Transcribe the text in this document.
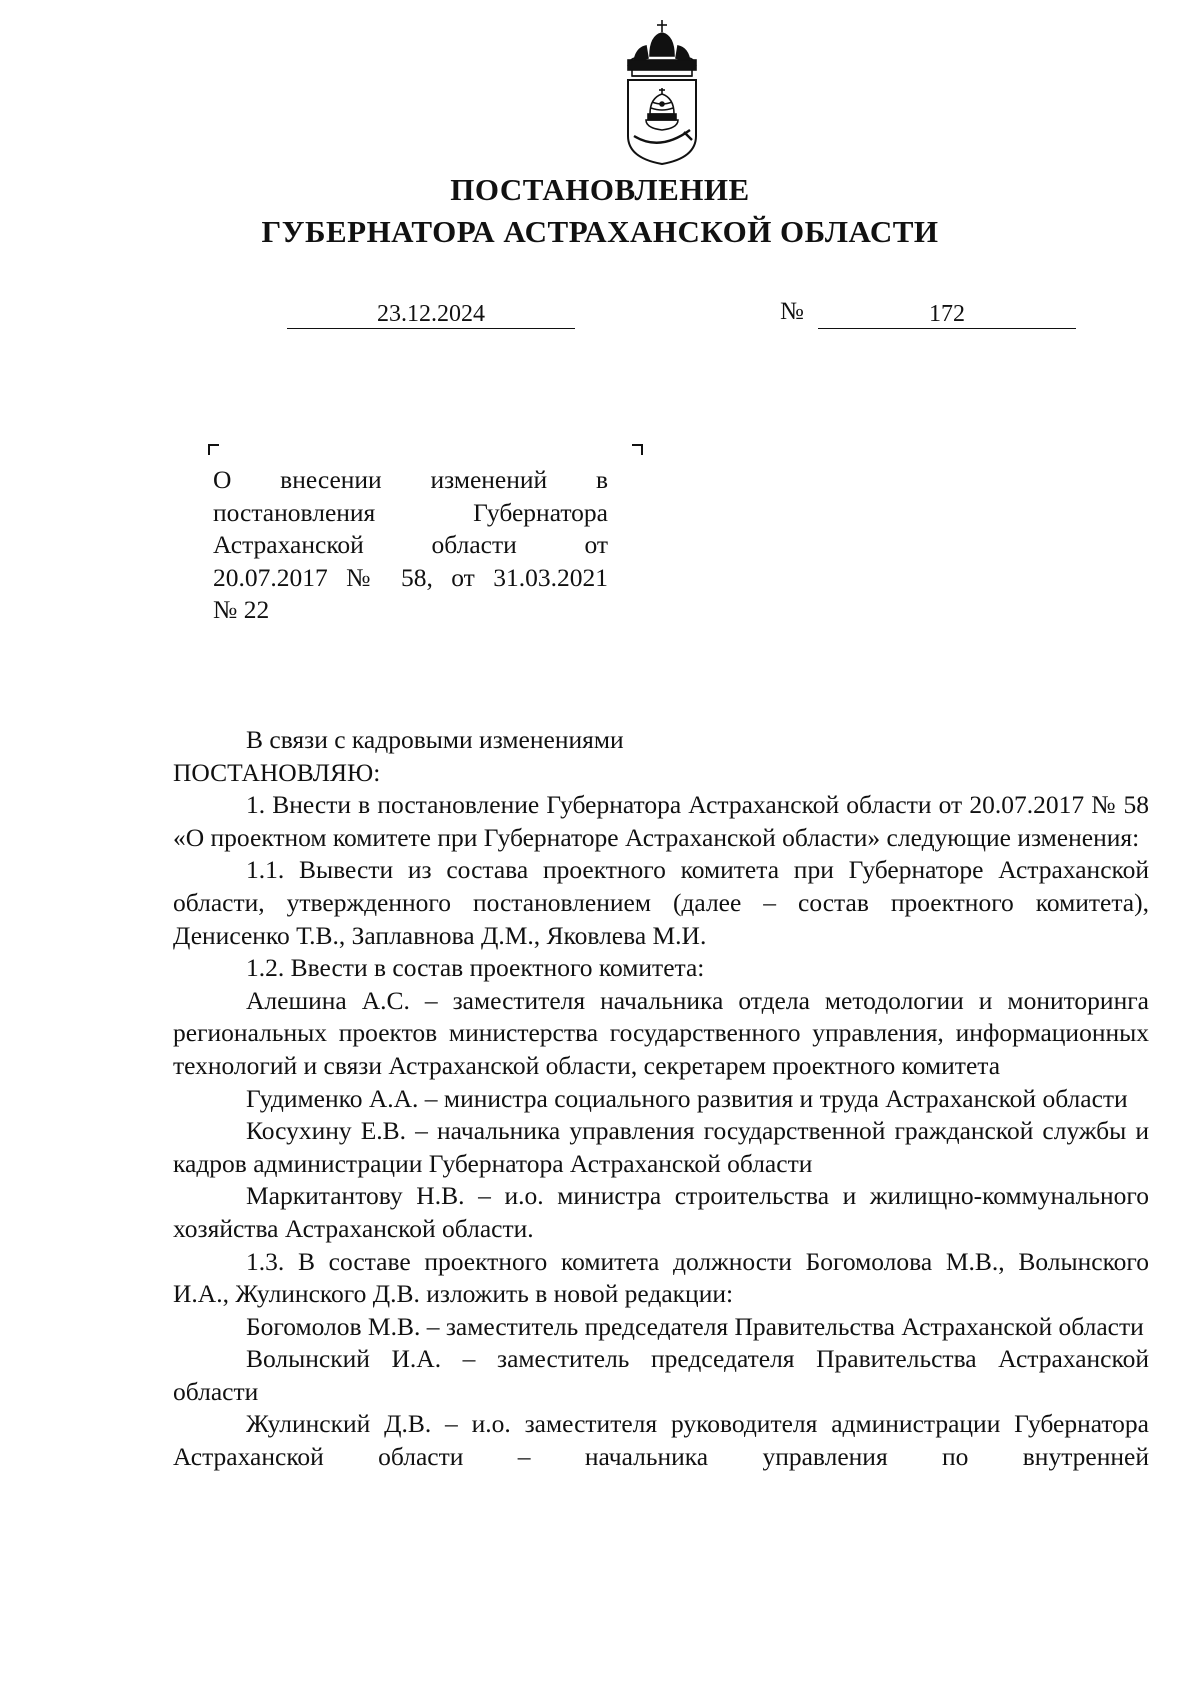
ПОСТАНОВЛЕНИЕ
ГУБЕРНАТОРА АСТРАХАНСКОЙ ОБЛАСТИ
23.12.2024	№	172
О внесении изменений в
постановления Губернатора
Астраханской области от
20.07.2017 № 58, от 31.03.2021
№ 22

В связи с кадровыми изменениями

ПОСТАНОВЛЯЮ:

1. Внести в постановление Губернатора Астраханской области от 20.07.2017 № 58 «О проектном комитете при Губернаторе Астраханской области» следующие изменения:

1.1. Вывести из состава проектного комитета при Губернаторе Астраханской области, утвержденного постановлением (далее – состав проектного комитета), Денисенко Т.В., Заплавнова Д.М., Яковлева М.И.

1.2. Ввести в состав проектного комитета:

Алешина А.С. – заместителя начальника отдела методологии и мониторинга региональных проектов министерства государственного управления, информационных технологий и связи Астраханской области, секретарем проектного комитета

Гудименко А.А. – министра социального развития и труда Астраханской области

Косухину Е.В. – начальника управления государственной гражданской службы и кадров администрации Губернатора Астраханской области

Маркитантову Н.В. – и.о. министра строительства и жилищно-коммунального хозяйства Астраханской области.

1.3. В составе проектного комитета должности Богомолова М.В., Волынского И.А., Жулинского Д.В. изложить в новой редакции:

Богомолов М.В. – заместитель председателя Правительства Астраханской области

Волынский И.А. – заместитель председателя Правительства Астраханской области

Жулинский Д.В. – и.о. заместителя руководителя администрации Губернатора Астраханской области – начальника управления по внутренней
